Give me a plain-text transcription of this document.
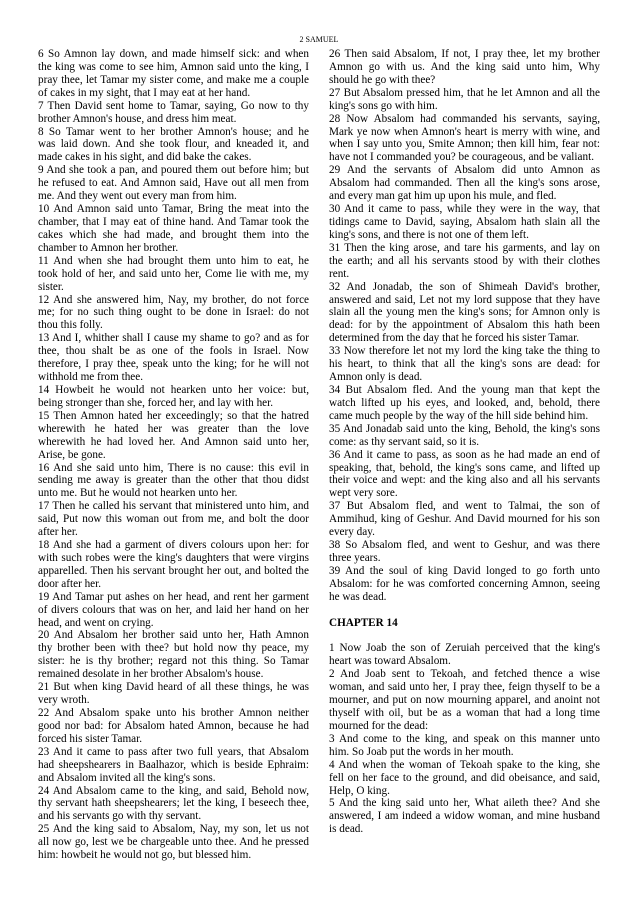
2 SAMUEL
6 So Amnon lay down, and made himself sick: and when
the king was come to see him, Amnon said unto the king, I
pray thee, let Tamar my sister come, and make me a couple
of cakes in my sight, that I may eat at her hand.
7 Then David sent home to Tamar, saying, Go now to thy
brother Amnon's house, and dress him meat.
8 So Tamar went to her brother Amnon's house; and he
was laid down. And she took flour, and kneaded it, and
made cakes in his sight, and did bake the cakes.
9 And she took a pan, and poured them out before him; but
he refused to eat. And Amnon said, Have out all men from
me. And they went out every man from him.
10 And Amnon said unto Tamar, Bring the meat into the
chamber, that I may eat of thine hand. And Tamar took the
cakes which she had made, and brought them into the
chamber to Amnon her brother.
11 And when she had brought them unto him to eat, he
took hold of her, and said unto her, Come lie with me, my
sister.
12 And she answered him, Nay, my brother, do not force
me; for no such thing ought to be done in Israel: do not
thou this folly.
13 And I, whither shall I cause my shame to go? and as for
thee, thou shalt be as one of the fools in Israel. Now
therefore, I pray thee, speak unto the king; for he will not
withhold me from thee.
14 Howbeit he would not hearken unto her voice: but,
being stronger than she, forced her, and lay with her.
15 Then Amnon hated her exceedingly; so that the hatred
wherewith he hated her was greater than the love
wherewith he had loved her. And Amnon said unto her,
Arise, be gone.
16 And she said unto him, There is no cause: this evil in
sending me away is greater than the other that thou didst
unto me. But he would not hearken unto her.
17 Then he called his servant that ministered unto him, and
said, Put now this woman out from me, and bolt the door
after her.
18 And she had a garment of divers colours upon her: for
with such robes were the king's daughters that were virgins
apparelled. Then his servant brought her out, and bolted the
door after her.
19 And Tamar put ashes on her head, and rent her garment
of divers colours that was on her, and laid her hand on her
head, and went on crying.
20 And Absalom her brother said unto her, Hath Amnon
thy brother been with thee? but hold now thy peace, my
sister: he is thy brother; regard not this thing. So Tamar
remained desolate in her brother Absalom's house.
21 But when king David heard of all these things, he was
very wroth.
22 And Absalom spake unto his brother Amnon neither
good nor bad: for Absalom hated Amnon, because he had
forced his sister Tamar.
23 And it came to pass after two full years, that Absalom
had sheepshearers in Baalhazor, which is beside Ephraim:
and Absalom invited all the king's sons.
24 And Absalom came to the king, and said, Behold now,
thy servant hath sheepshearers; let the king, I beseech thee,
and his servants go with thy servant.
25 And the king said to Absalom, Nay, my son, let us not
all now go, lest we be chargeable unto thee. And he pressed
him: howbeit he would not go, but blessed him.
26 Then said Absalom, If not, I pray thee, let my brother
Amnon go with us. And the king said unto him, Why
should he go with thee?
27 But Absalom pressed him, that he let Amnon and all the
king's sons go with him.
28 Now Absalom had commanded his servants, saying,
Mark ye now when Amnon's heart is merry with wine, and
when I say unto you, Smite Amnon; then kill him, fear not:
have not I commanded you? be courageous, and be valiant.
29 And the servants of Absalom did unto Amnon as
Absalom had commanded. Then all the king's sons arose,
and every man gat him up upon his mule, and fled.
30 And it came to pass, while they were in the way, that
tidings came to David, saying, Absalom hath slain all the
king's sons, and there is not one of them left.
31 Then the king arose, and tare his garments, and lay on
the earth; and all his servants stood by with their clothes
rent.
32 And Jonadab, the son of Shimeah David's brother,
answered and said, Let not my lord suppose that they have
slain all the young men the king's sons; for Amnon only is
dead: for by the appointment of Absalom this hath been
determined from the day that he forced his sister Tamar.
33 Now therefore let not my lord the king take the thing to
his heart, to think that all the king's sons are dead: for
Amnon only is dead.
34 But Absalom fled. And the young man that kept the
watch lifted up his eyes, and looked, and, behold, there
came much people by the way of the hill side behind him.
35 And Jonadab said unto the king, Behold, the king's sons
come: as thy servant said, so it is.
36 And it came to pass, as soon as he had made an end of
speaking, that, behold, the king's sons came, and lifted up
their voice and wept: and the king also and all his servants
wept very sore.
37 But Absalom fled, and went to Talmai, the son of
Ammihud, king of Geshur. And David mourned for his son
every day.
38 So Absalom fled, and went to Geshur, and was there
three years.
39 And the soul of king David longed to go forth unto
Absalom: for he was comforted concerning Amnon, seeing
he was dead.
CHAPTER 14
1 Now Joab the son of Zeruiah perceived that the king's
heart was toward Absalom.
2 And Joab sent to Tekoah, and fetched thence a wise
woman, and said unto her, I pray thee, feign thyself to be a
mourner, and put on now mourning apparel, and anoint not
thyself with oil, but be as a woman that had a long time
mourned for the dead:
3 And come to the king, and speak on this manner unto
him. So Joab put the words in her mouth.
4 And when the woman of Tekoah spake to the king, she
fell on her face to the ground, and did obeisance, and said,
Help, O king.
5 And the king said unto her, What aileth thee? And she
answered, I am indeed a widow woman, and mine husband
is dead.
